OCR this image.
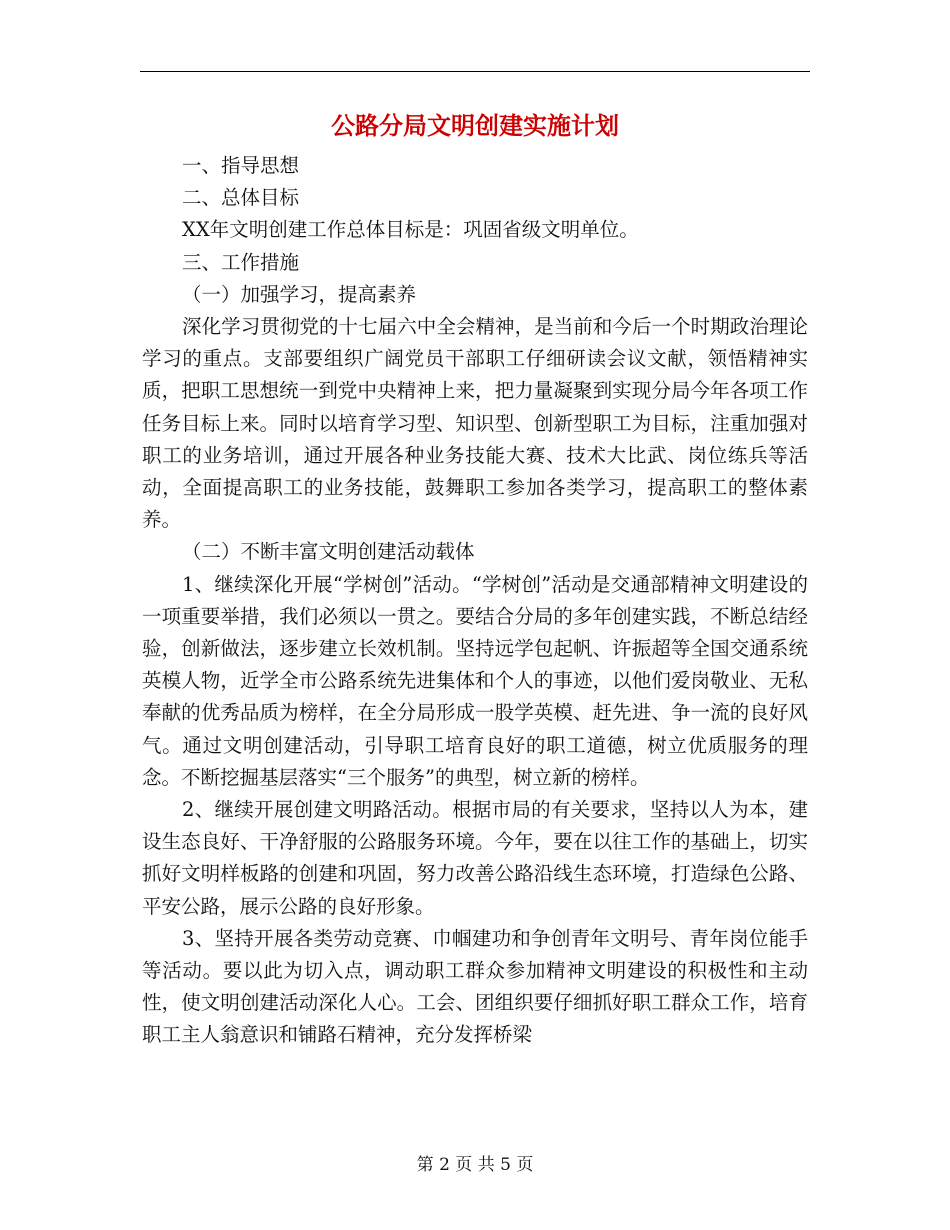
公路分局文明创建实施计划

一、指导思想

二、总体目标

XX年文明创建工作总体目标是：巩固省级文明单位。

三、工作措施

（一）加强学习，提高素养

深化学习贯彻党的十七届六中全会精神，是当前和今后一个时期政治理论学习的重点。支部要组织广阔党员干部职工仔细研读会议文献，领悟精神实质，把职工思想统一到党中央精神上来，把力量凝聚到实现分局今年各项工作任务目标上来。同时以培育学习型、知识型、创新型职工为目标，注重加强对职工的业务培训，通过开展各种业务技能大赛、技术大比武、岗位练兵等活动，全面提高职工的业务技能，鼓舞职工参加各类学习，提高职工的整体素养。

（二）不断丰富文明创建活动载体

1、继续深化开展“学树创”活动。“学树创”活动是交通部精神文明建设的一项重要举措，我们必须以一贯之。要结合分局的多年创建实践，不断总结经验，创新做法，逐步建立长效机制。坚持远学包起帆、许振超等全国交通系统英模人物，近学全市公路系统先进集体和个人的事迹，以他们爱岗敬业、无私奉献的优秀品质为榜样，在全分局形成一股学英模、赶先进、争一流的良好风气。通过文明创建活动，引导职工培育良好的职工道德，树立优质服务的理念。不断挖掘基层落实“三个服务”的典型，树立新的榜样。

2、继续开展创建文明路活动。根据市局的有关要求，坚持以人为本，建设生态良好、干净舒服的公路服务环境。今年，要在以往工作的基础上，切实抓好文明样板路的创建和巩固，努力改善公路沿线生态环境，打造绿色公路、平安公路，展示公路的良好形象。

3、坚持开展各类劳动竞赛、巾帼建功和争创青年文明号、青年岗位能手等活动。要以此为切入点，调动职工群众参加精神文明建设的积极性和主动性，使文明创建活动深化人心。工会、团组织要仔细抓好职工群众工作，培育职工主人翁意识和铺路石精神，充分发挥桥梁

第 2 页 共 5 页
